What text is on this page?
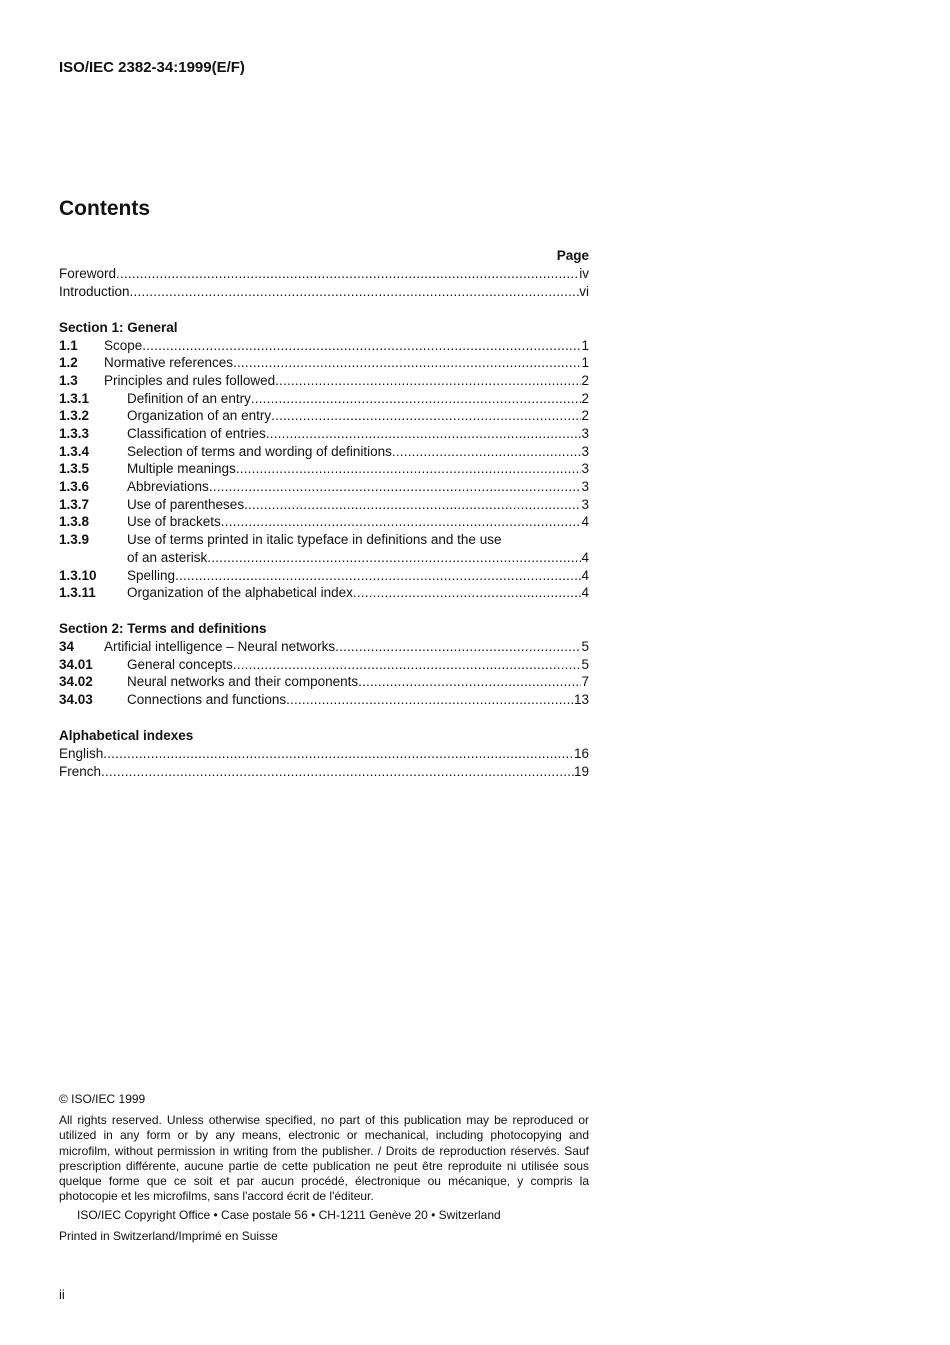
ISO/IEC 2382-34:1999(E/F)
Contents
Page
Foreword .....	iv
Introduction .....	vi
Section 1: General
1.1	Scope .....	1
1.2	Normative references .....	1
1.3	Principles and rules followed .....	2
1.3.1	Definition of an entry .....	2
1.3.2	Organization of an entry .....	2
1.3.3	Classification of entries .....	3
1.3.4	Selection of terms and wording of definitions .....	3
1.3.5	Multiple meanings .....	3
1.3.6	Abbreviations .....	3
1.3.7	Use of parentheses .....	3
1.3.8	Use of brackets .....	4
1.3.9	Use of terms printed in italic typeface in definitions and the use
of an asterisk .....	4
1.3.10	Spelling .....	4
1.3.11	Organization of the alphabetical index .....	4
Section 2: Terms and definitions
34	Artificial intelligence – Neural networks .....	5
34.01	General concepts .....	5
34.02	Neural networks and their components .....	7
34.03	Connections and functions .....	13
Alphabetical indexes
English .....	16
French .....	19
© ISO/IEC 1999
All rights reserved. Unless otherwise specified, no part of this publication may be reproduced or utilized in any form or by any means, electronic or mechanical, including photocopying and microfilm, without permission in writing from the publisher. / Droits de reproduction réservés. Sauf prescription différente, aucune partie de cette publication ne peut être reproduite ni utilisée sous quelque forme que ce soit et par aucun procédé, électronique ou mécanique, y compris la photocopie et les microfilms, sans l'accord écrit de l'éditeur.
ISO/IEC Copyright Office • Case postale 56 • CH-1211 Genève 20 • Switzerland
Printed in Switzerland/Imprimé en Suisse
ii
